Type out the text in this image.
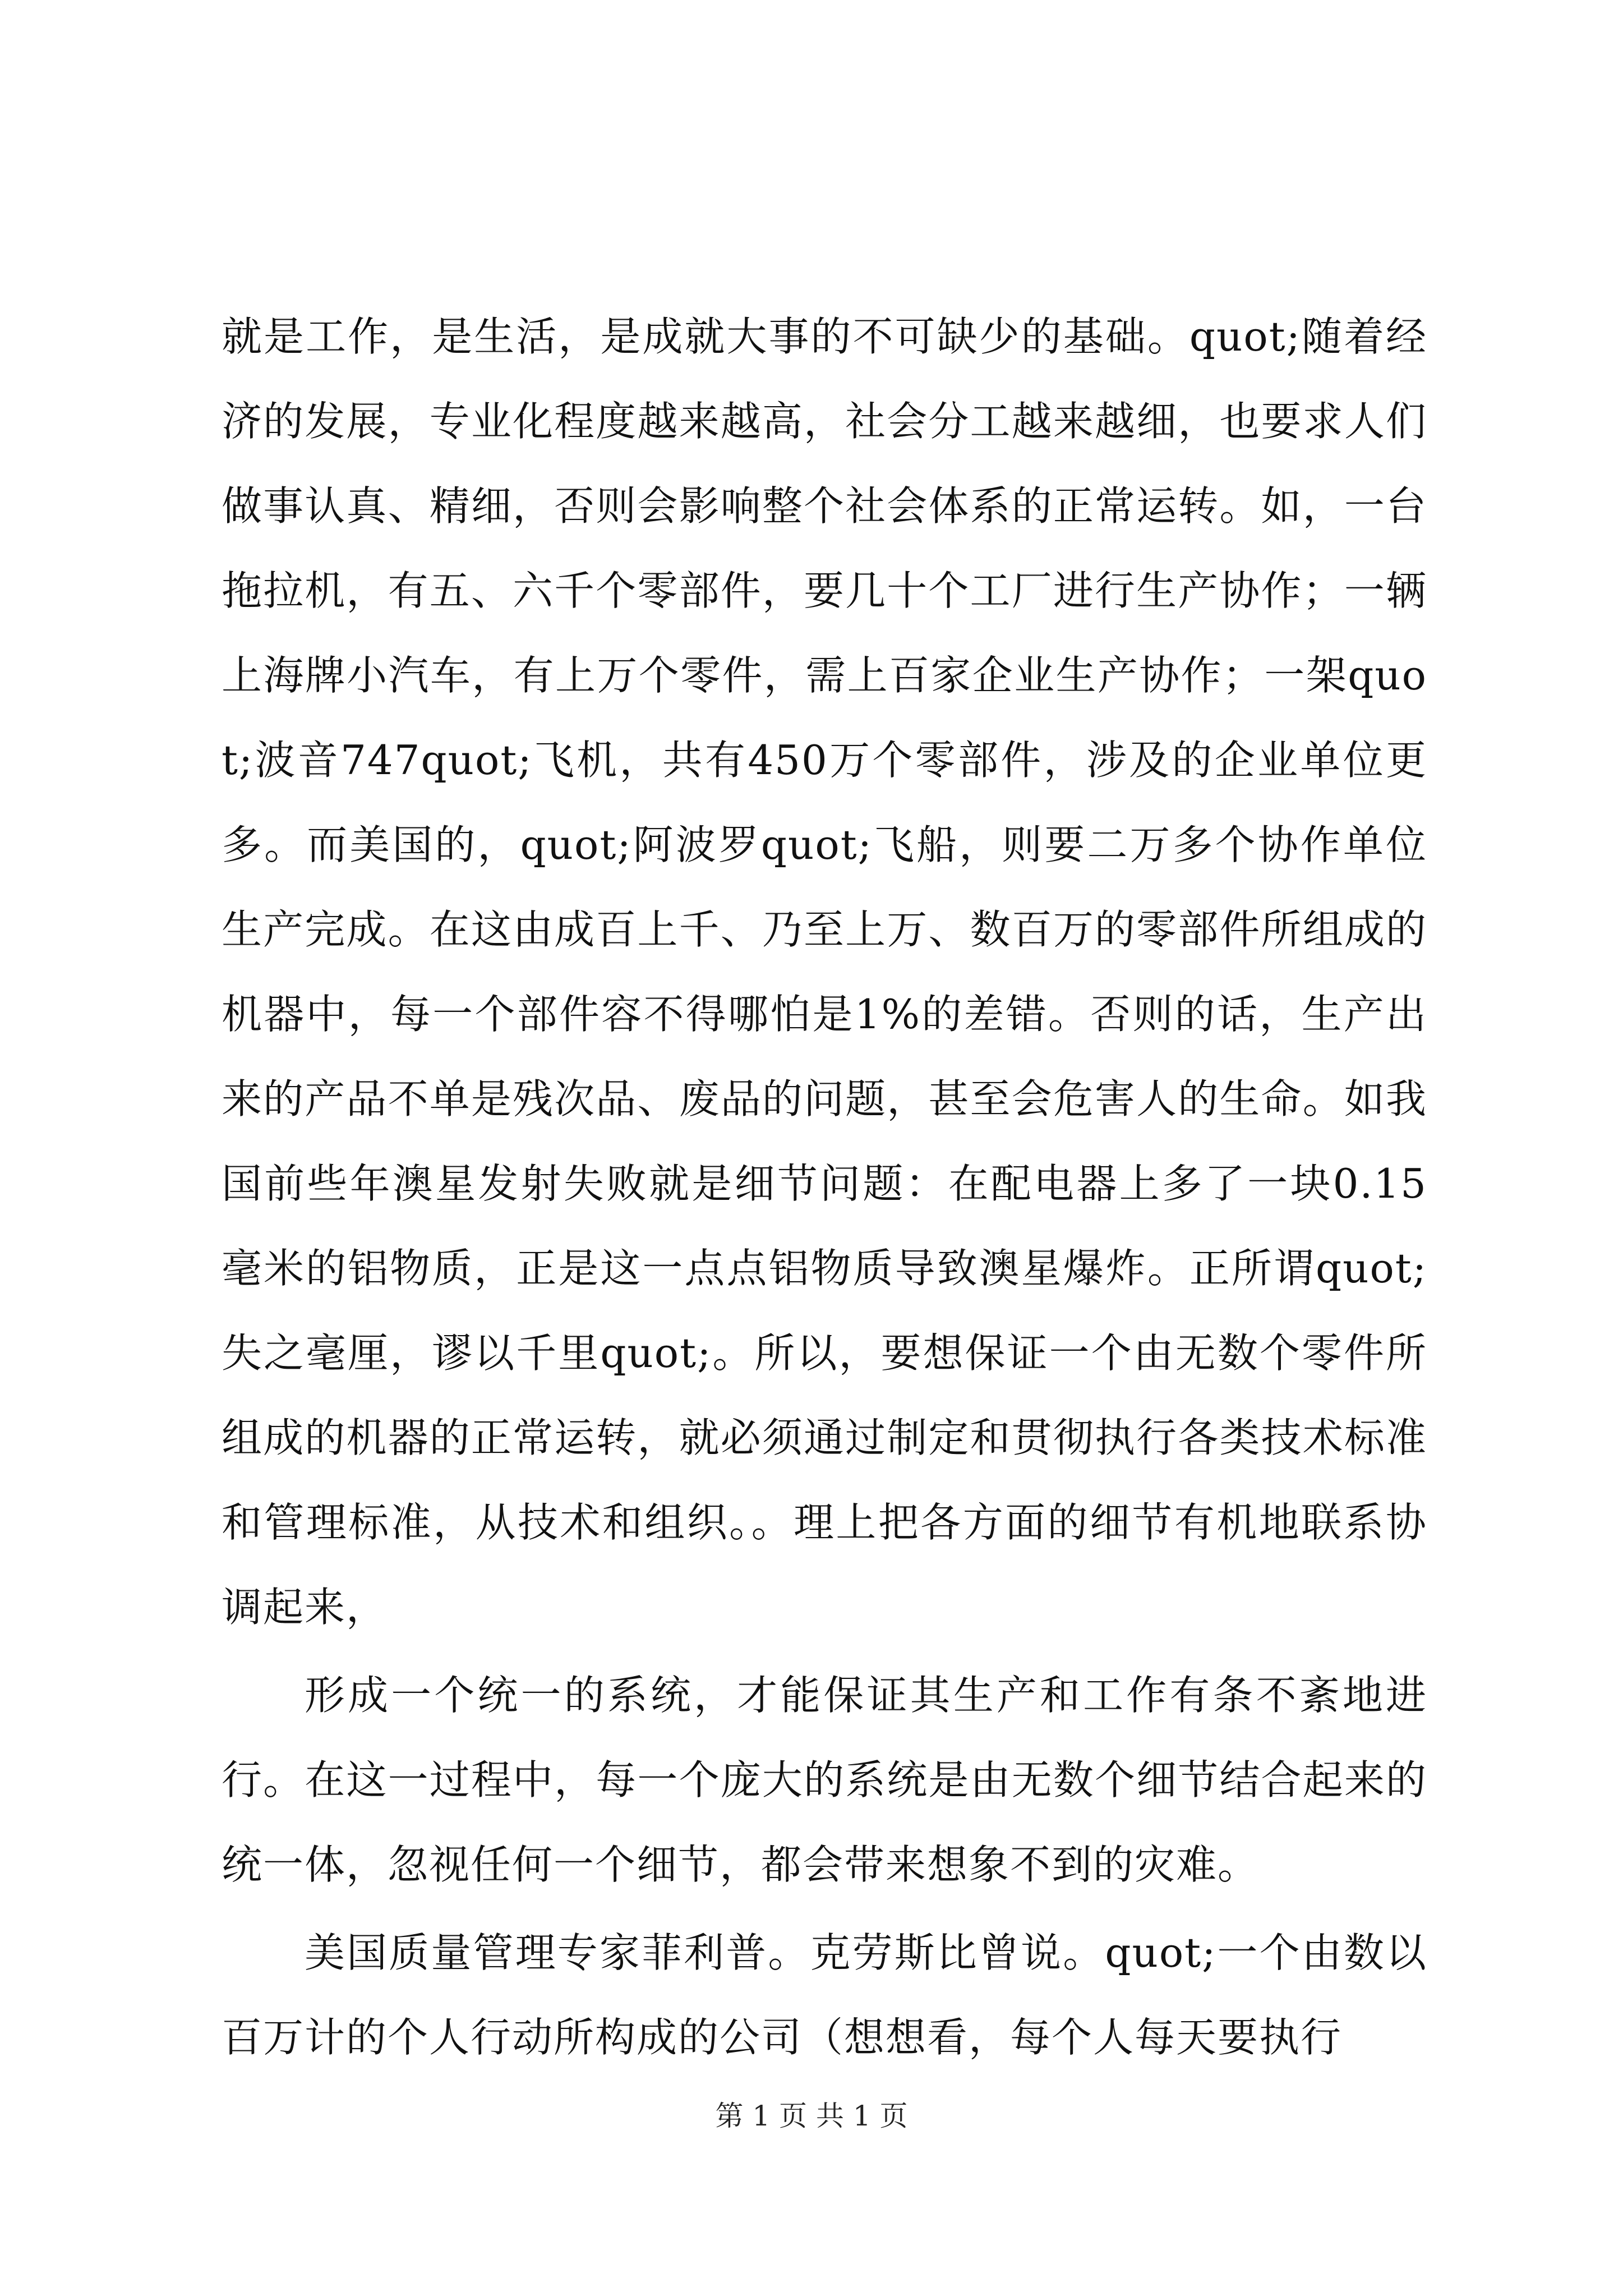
就是工作，是生活，是成就大事的不可缺少的基础。quot;随着经济的发展，专业化程度越来越高，社会分工越来越细，也要求人们做事认真、精细，否则会影响整个社会体系的正常运转。如，一台拖拉机，有五、六千个零部件，要几十个工厂进行生产协作；一辆上海牌小汽车，有上万个零件，需上百家企业生产协作；一架quot;波音747quot;飞机，共有450万个零部件，涉及的企业单位更多。而美国的，quot;阿波罗quot;飞船，则要二万多个协作单位生产完成。在这由成百上千、乃至上万、数百万的零部件所组成的机器中，每一个部件容不得哪怕是1%的差错。否则的话，生产出来的产品不单是残次品、废品的问题，甚至会危害人的生命。如我国前些年澳星发射失败就是细节问题：在配电器上多了一块0.15毫米的铝物质，正是这一点点铝物质导致澳星爆炸。正所谓quot;失之毫厘，谬以千里quot;。所以，要想保证一个由无数个零件所组成的机器的正常运转，就必须通过制定和贯彻执行各类技术标准和管理标准，从技术和组织。。理上把各方面的细节有机地联系协调起来，

形成一个统一的系统，才能保证其生产和工作有条不紊地进行。在这一过程中，每一个庞大的系统是由无数个细节结合起来的统一体，忽视任何一个细节，都会带来想象不到的灾难。

美国质量管理专家菲利普。克劳斯比曾说。quot;一个由数以百万计的个人行动所构成的公司（想想看，每个人每天要执行

第 1 页 共 1 页
